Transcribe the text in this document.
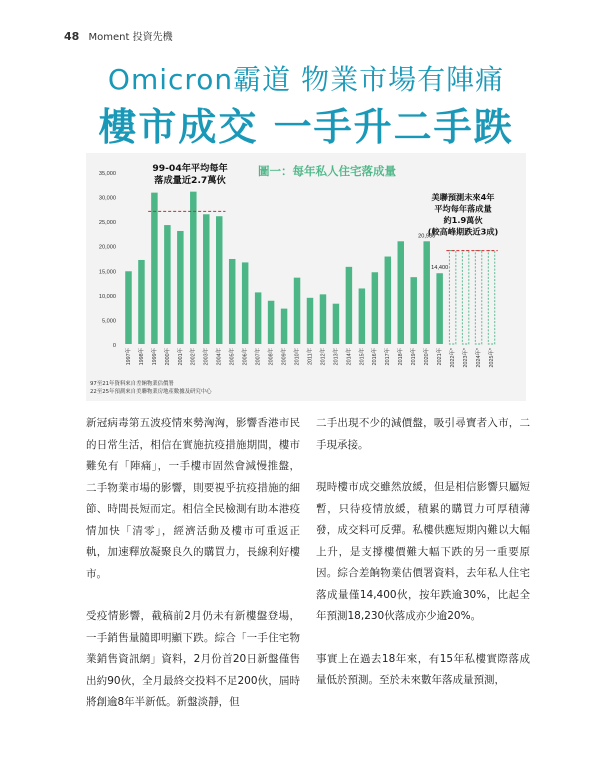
48 Moment 投資先機
Omicron霸道 物業市場有陣痛
樓市成交 一手升二手跌
0
5,000
10,000
15,000
20,000
25,000
30,000
35,000
1997年	1998年	1999年	2000年	2001年	2002年	2003年	2004年	2005年	2006年	2007年	2008年	2009年	2010年	2011年	2012年	2013年	2014年	2015年	2016年	2017年	2018年	2019年	2020年	2021年	2022年*	2023年*	2024年*	2025年*
20,900
14,400
圖一：每年私人住宅落成量
99-04年平均每年
落成量近2.7萬伙
美聯預測未來4年
平均每年落成量
約1.9萬伙
(較高峰期跌近3成)
97至21年資料來自差餉物業估價署
22至25年預測來自美聯物業房地產數據及研究中心

新冠病毒第五波疫情來勢洶洶，影響香港市民的日常生活，相信在實施抗疫措施期間，樓市難免有「陣痛」，一手樓市固然會減慢推盤，二手物業市場的影響，則要視乎抗疫措施的細節、時間長短而定。相信全民檢測有助本港疫情加快「清零」，經濟活動及樓市可重返正軌，加速釋放凝聚良久的購買力，長線利好樓市。

受疫情影響，截稿前2月仍未有新樓盤登場，一手銷售量隨即明顯下跌。綜合「一手住宅物業銷售資訊網」資料，2月份首20日新盤僅售出約90伙，全月最終交投料不足200伙，屆時將創逾8年半新低。新盤淡靜，但

二手出現不少的減價盤，吸引尋寶者入市，二手現承接。

現時樓市成交雖然放緩，但是相信影響只屬短暫，只待疫情放緩，積累的購買力可厚積薄發，成交料可反彈。私樓供應短期內難以大幅上升，是支撐樓價難大幅下跌的另一重要原因。綜合差餉物業估價署資料，去年私人住宅落成量僅14,400伙，按年跌逾30%，比起全年預測18,230伙落成亦少逾20%。

事實上在過去18年來，有15年私樓實際落成量低於預測。至於未來數年落成量預測，
